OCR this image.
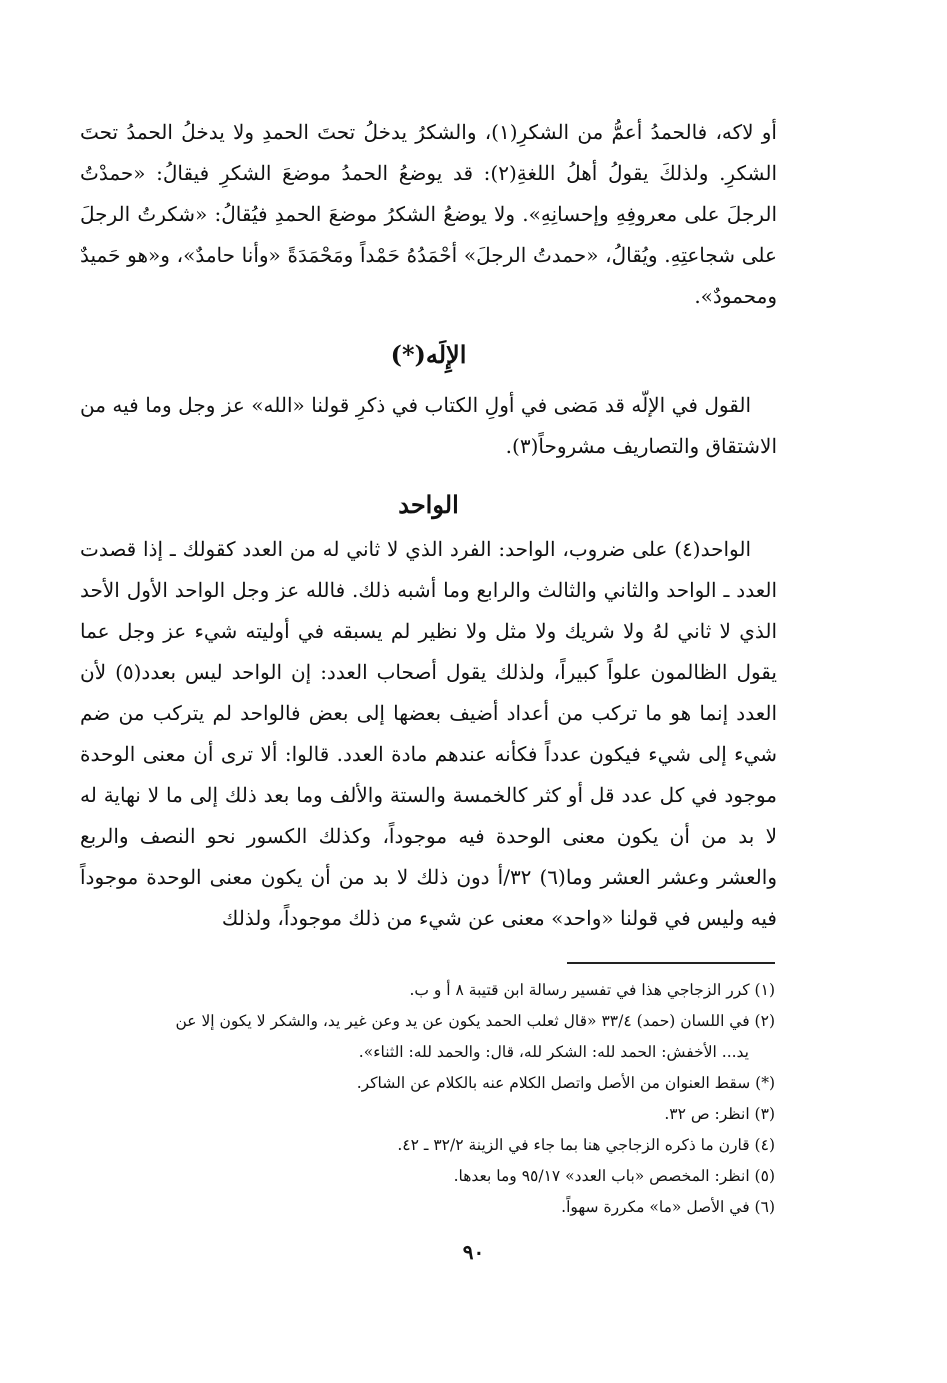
أو لاكه، فالحمدُ أعمُّ من الشكرِ(١)، والشكرُ يدخلُ تحتَ الحمدِ ولا يدخلُ الحمدُ تحتَ الشكرِ. ولذلكَ يقولُ أهلُ اللغةِ(٢): قد يوضعُ الحمدُ موضعَ الشكرِ فيقالُ: «حمدْتُ الرجلَ على معروفِهِ وإحسانِهِ». ولا يوضعُ الشكرُ موضعَ الحمدِ فيُقالُ: «شكرتُ الرجلَ على شجاعتِهِ. ويُقالُ، «حمدتُ الرجلَ» أحْمَدُهُ حَمْداً ومَحْمَدَةً «وأنا حامدٌ»، و«هو حَميدٌ ومحمودٌ».

الإِلَه(*)

القول في الإلّه قد مَضى في أولِ الكتاب في ذكرِ قولنا «الله» عز وجل وما فيه من الاشتقاق والتصاريف مشروحاً(٣).

الواحد

الواحد(٤) على ضروب، الواحد: الفرد الذي لا ثاني له من العدد كقولك ـ إذا قصدت العدد ـ الواحد والثاني والثالث والرابع وما أشبه ذلك. فالله عز وجل الواحد الأول الأحد الذي لا ثاني لهُ ولا شريك ولا مثل ولا نظير لم يسبقه في أوليته شيء عز وجل عما يقول الظالمون علواً كبيراً، ولذلك يقول أصحاب العدد: إن الواحد ليس بعدد(٥) لأن العدد إنما هو ما تركب من أعداد أضيف بعضها إلى بعض فالواحد لم يتركب من ضم شيء إلى شيء فيكون عدداً فكأنه عندهم مادة العدد. قالوا: ألا ترى أن معنى الوحدة موجود في كل عدد قل أو كثر كالخمسة والستة والألف وما بعد ذلك إلى ما لا نهاية له لا بد من أن يكون معنى الوحدة فيه موجوداً، وكذلك الكسور نحو النصف والربع والعشر وعشر العشر وما(٦) ٣٢/أ دون ذلك لا بد من أن يكون معنى الوحدة موجوداً فيه وليس في قولنا «واحد» معنى عن شيء من ذلك موجوداً، ولذلك

(١) كرر الزجاجي هذا في تفسير رسالة ابن قتيبة ٨ أ و ب.

(٢) في اللسان (حمد) ٣٣/٤ «قال ثعلب الحمد يكون عن يد وعن غير يد، والشكر لا يكون إلا عن

يد... الأخفش: الحمد لله: الشكر لله، قال: والحمد لله: الثناء».

(*) سقط العنوان من الأصل واتصل الكلام عنه بالكلام عن الشاكر.

(٣) انظر: ص ٣٢.

(٤) قارن ما ذكره الزجاجي هنا بما جاء في الزينة ٣٢/٢ ـ ٤٢.

(٥) انظر: المخصص «باب العدد» ٩٥/١٧ وما بعدها.

(٦) في الأصل «ما» مكررة سهواً.

٩٠
